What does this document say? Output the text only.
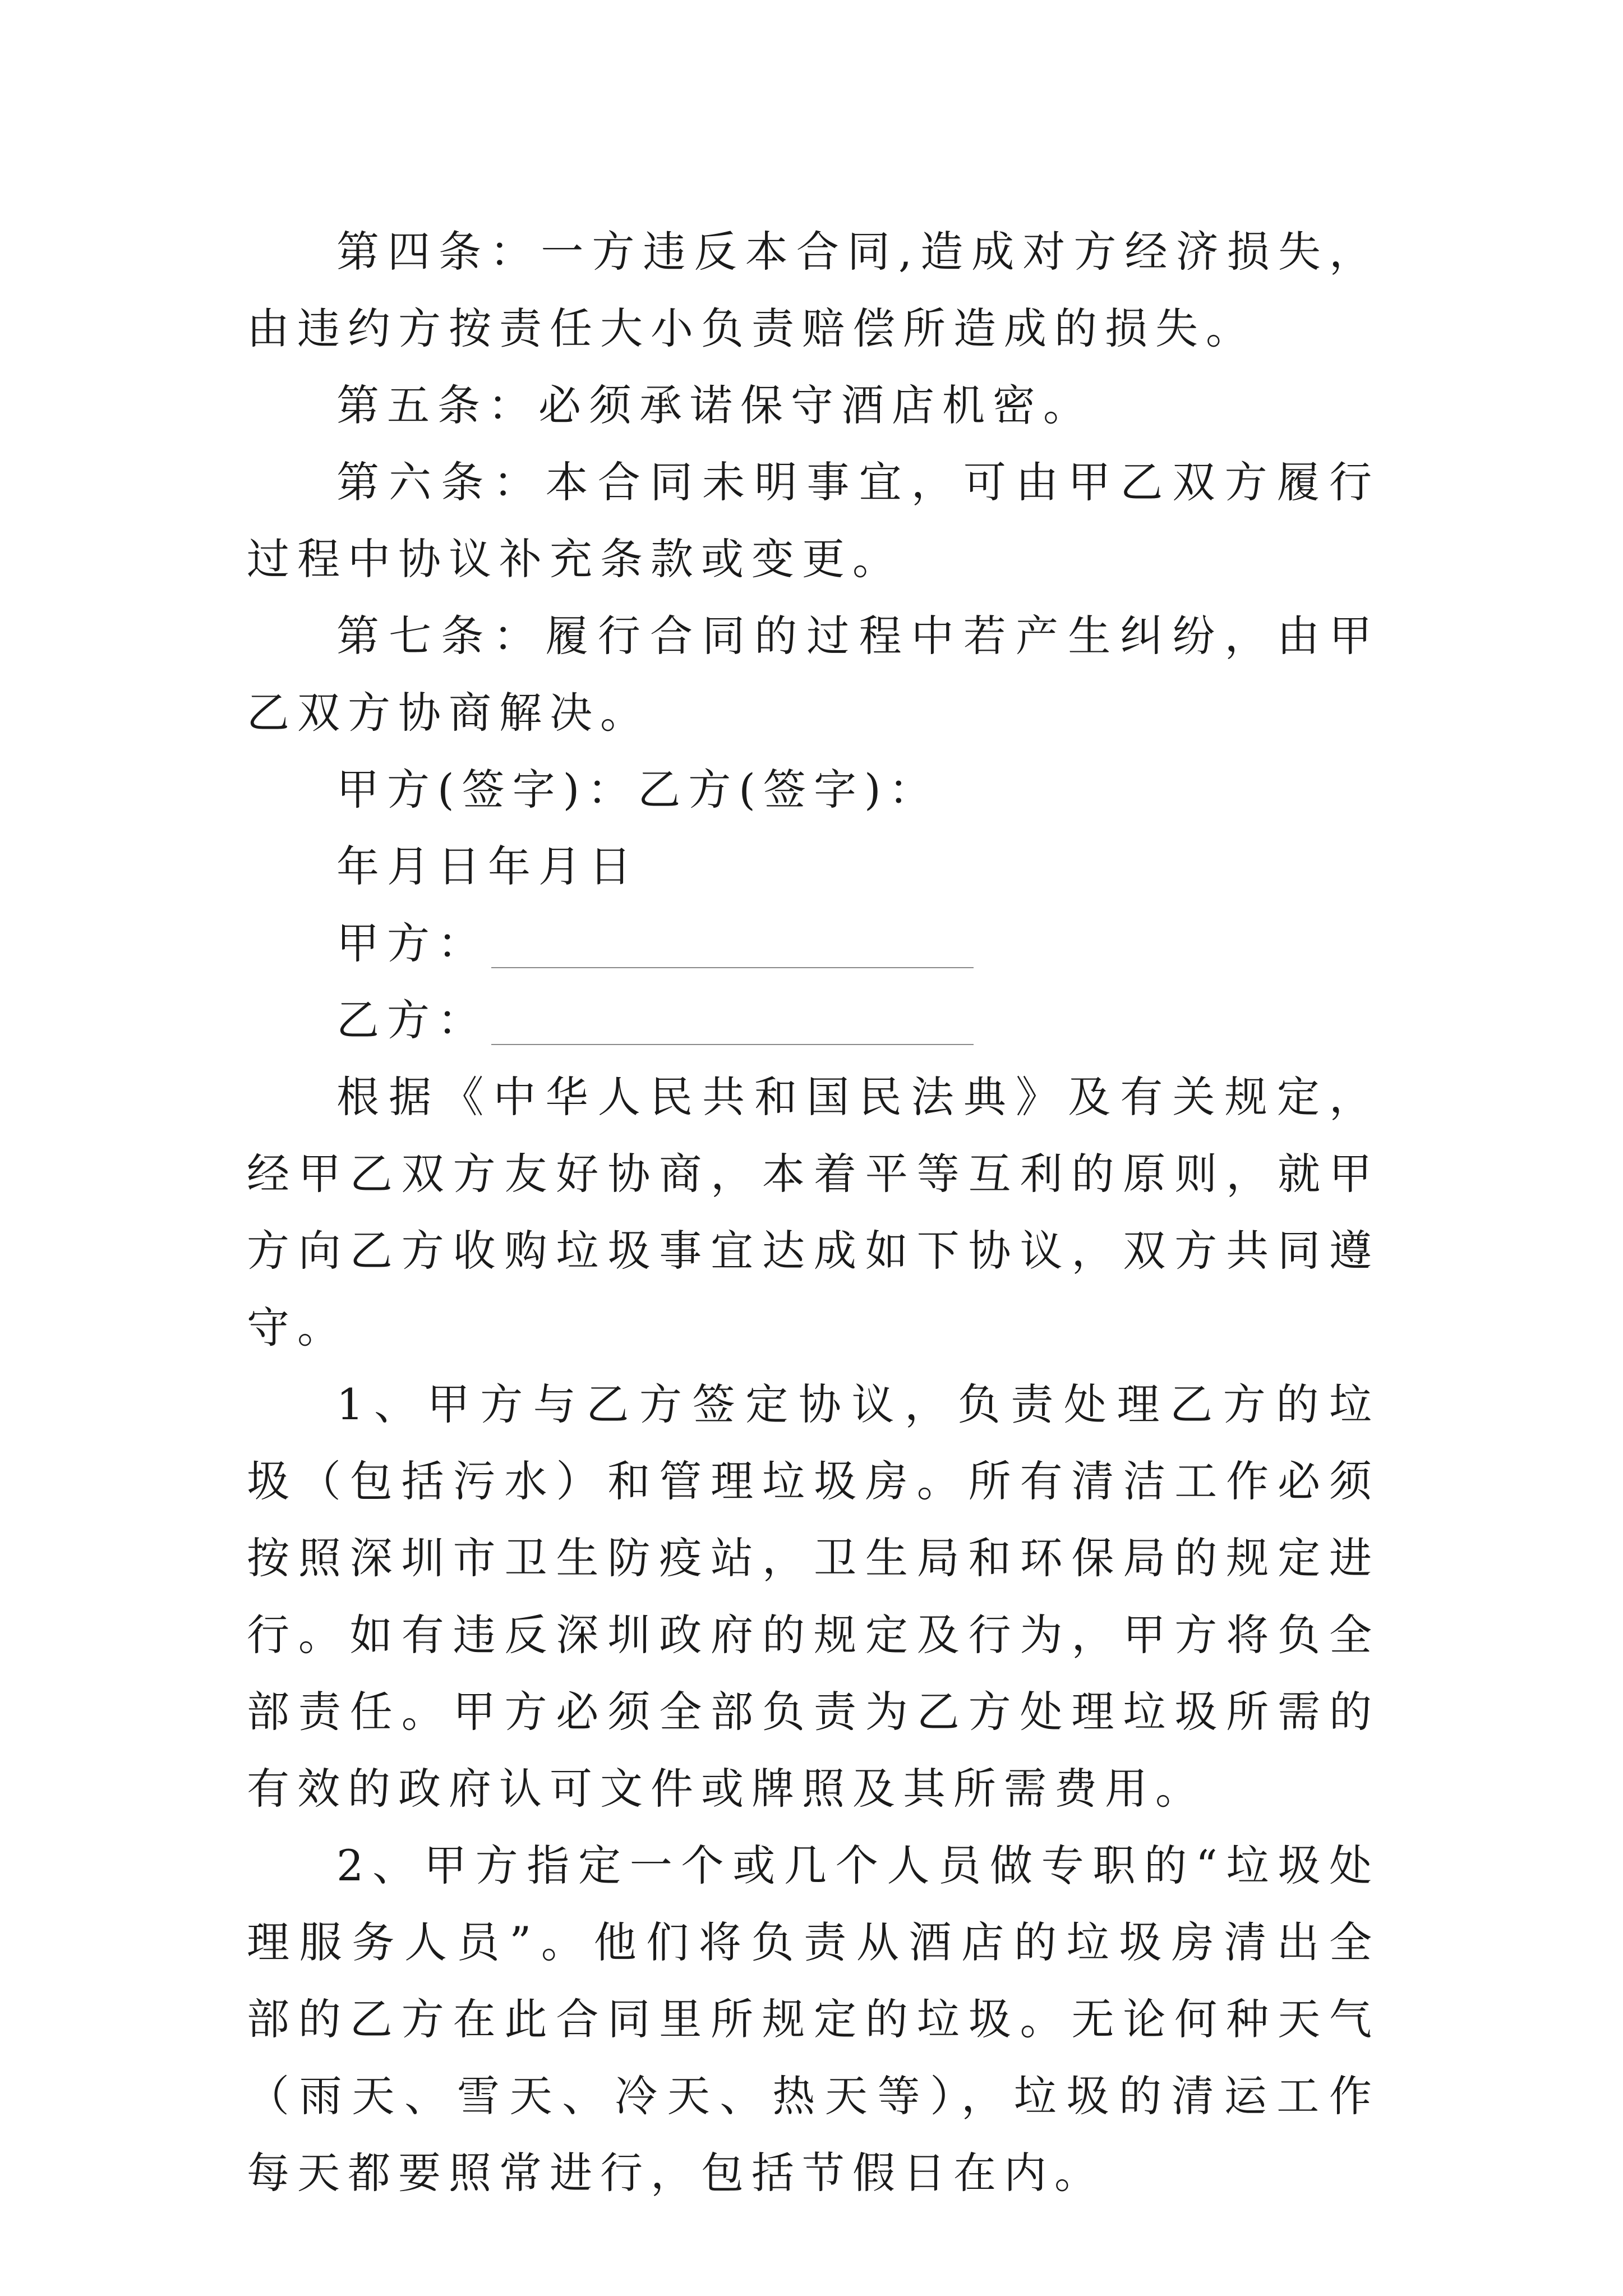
第四条：一方违反本合同,造成对方经济损失，由违约方按责任大小负责赔偿所造成的损失。

第五条：必须承诺保守酒店机密。

第六条：本合同未明事宜，可由甲乙双方履行过程中协议补充条款或变更。

第七条：履行合同的过程中若产生纠纷，由甲乙双方协商解决。

甲方(签字)：乙方(签字)：

年月日年月日

甲方：
乙方：

根据《中华人民共和国民法典》及有关规定，经甲乙双方友好协商，本着平等互利的原则，就甲方向乙方收购垃圾事宜达成如下协议，双方共同遵守。

1、甲方与乙方签定协议，负责处理乙方的垃圾（包括污水）和管理垃圾房。所有清洁工作必须按照深圳市卫生防疫站，卫生局和环保局的规定进行。如有违反深圳政府的规定及行为，甲方将负全部责任。甲方必须全部负责为乙方处理垃圾所需的有效的政府认可文件或牌照及其所需费用。

2、甲方指定一个或几个人员做专职的“垃圾处理服务人员”。他们将负责从酒店的垃圾房清出全部的乙方在此合同里所规定的垃圾。无论何种天气（雨天、雪天、冷天、热天等），垃圾的清运工作每天都要照常进行，包括节假日在内。
